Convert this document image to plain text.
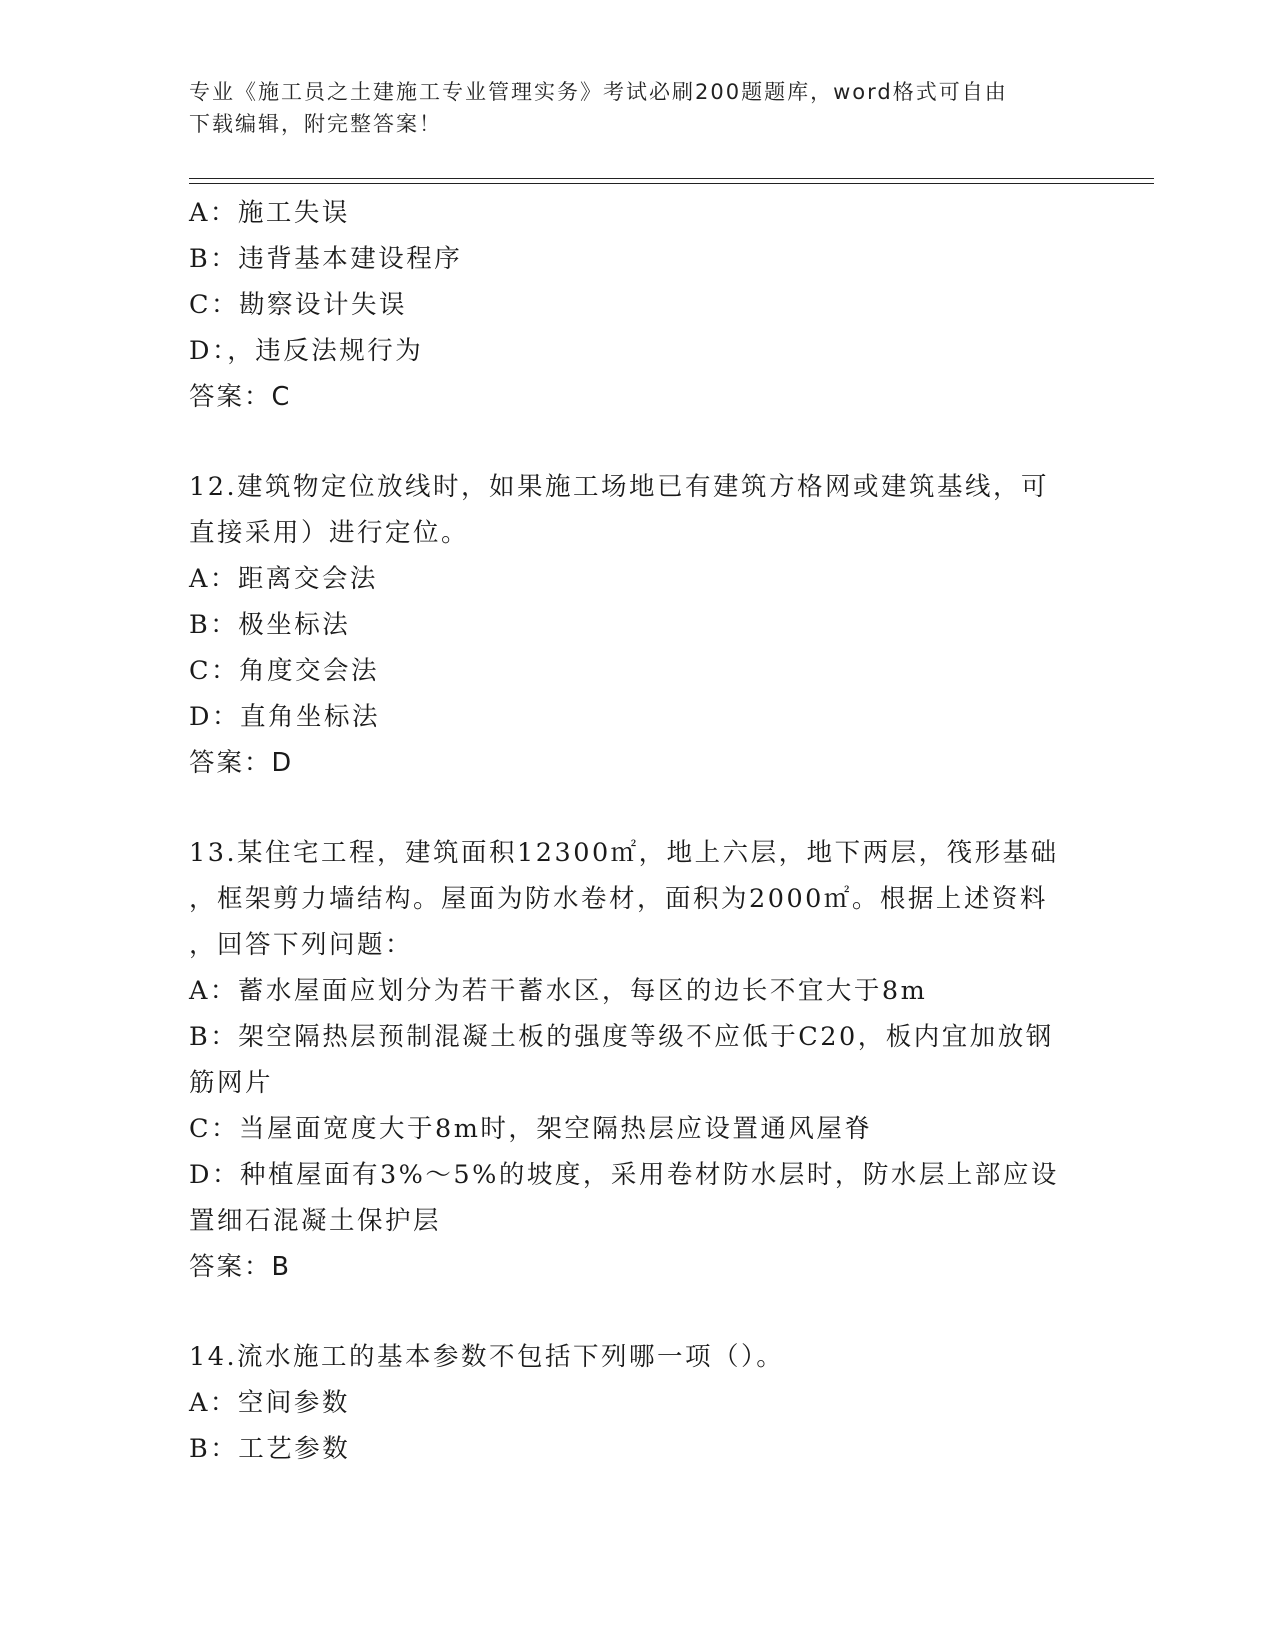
专业《施工员之土建施工专业管理实务》考试必刷200题题库，word格式可自由
下载编辑，附完整答案！
A：施工失误
B：违背基本建设程序
C：勘察设计失误
D：，违反法规行为
答案：C
12.建筑物定位放线时，如果施工场地已有建筑方格网或建筑基线，可
直接采用）进行定位。
A：距离交会法
B：极坐标法
C：角度交会法
D：直角坐标法
答案：D
13.某住宅工程，建筑面积12300㎡，地上六层，地下两层，筏形基础
，框架剪力墙结构。屋面为防水卷材，面积为2000㎡。根据上述资料
，回答下列问题：
A：蓄水屋面应划分为若干蓄水区，每区的边长不宜大于8m
B：架空隔热层预制混凝土板的强度等级不应低于C20，板内宜加放钢
筋网片
C：当屋面宽度大于8m时，架空隔热层应设置通风屋脊
D：种植屋面有3%～5%的坡度，采用卷材防水层时，防水层上部应设
置细石混凝土保护层
答案：B
14.流水施工的基本参数不包括下列哪一项（）。
A：空间参数
B：工艺参数
